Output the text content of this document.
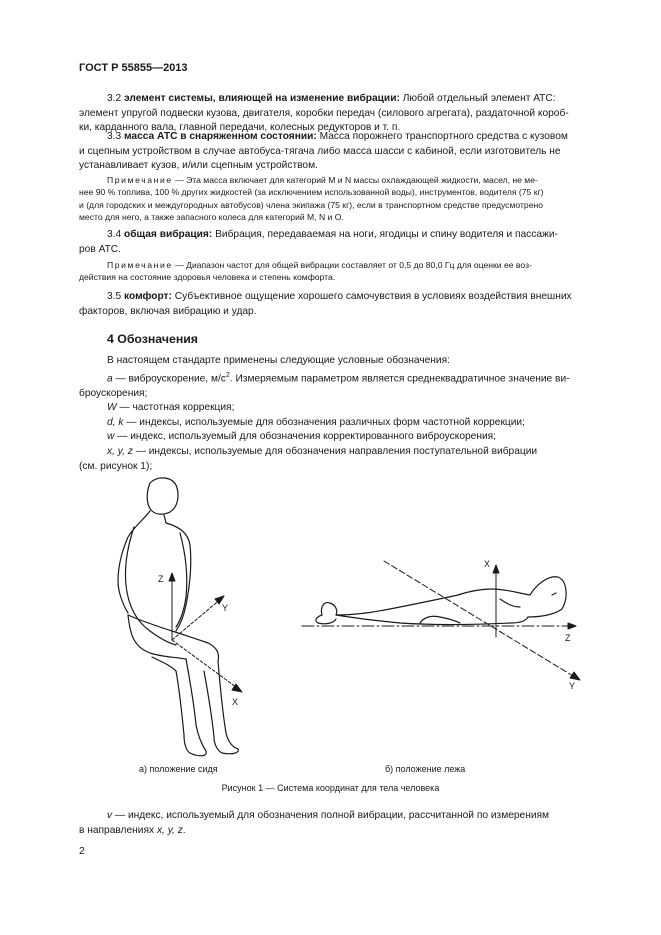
ГОСТ Р 55855—2013

3.2 элемент системы, влияющей на изменение вибрации: Любой отдельный элемент АТС:
элемент упругой подвески кузова, двигателя, коробки передач (силового агрегата), раздаточной короб-
ки, карданного вала, главной передачи, колесных редукторов и т. п.

3.3 масса АТС в снаряженном состоянии: Масса порожнего транспортного средства с кузовом
и сцепным устройством в случае автобуса-тягача либо масса шасси с кабиной, если изготовитель не
устанавливает кузов, и/или сцепным устройством.

Примечание — Эта масса включает для категорий M и N массы охлаждающей жидкости, масел, не ме-
нее 90 % топлива, 100 % других жидкостей (за исключением использованной воды), инструментов, водителя (75 кг)
и (для городских и междугородных автобусов) члена экипажа (75 кг), если в транспортном средстве предусмотрено
место для него, а также запасного колеса для категорий M, N и O.

3.4 общая вибрация: Вибрация, передаваемая на ноги, ягодицы и спину водителя и пассажи-
ров АТС.

Примечание — Диапазон частот для общей вибрации составляет от 0,5 до 80,0 Гц для оценки ее воз-
действия на состояние здоровья человека и степень комфорта.

3.5 комфорт: Субъективное ощущение хорошего самочувствия в условиях воздействия внешних
факторов, включая вибрацию и удар.

4 Обозначения

В настоящем стандарте применены следующие условные обозначения:
a — виброускорение, $м/с^2$. Измеряемым параметром является среднеквадратичное значение ви-
броускорения;
W — частотная коррекция;
d, k — индексы, используемые для обозначения различных форм частотной коррекции;
w — индекс, используемый для обозначения корректированного виброускорения;
x, y, z — индексы, используемые для обозначения направления поступательной вибрации
(см. рисунок 1);

Z
Y
X
X
Z
Y
а) положение сидя	б) положение лежа
Рисунок 1 — Система координат для тела человека

v — индекс, используемый для обозначения полной вибрации, рассчитанной по измерениям
в направлениях x, y, z.

2
